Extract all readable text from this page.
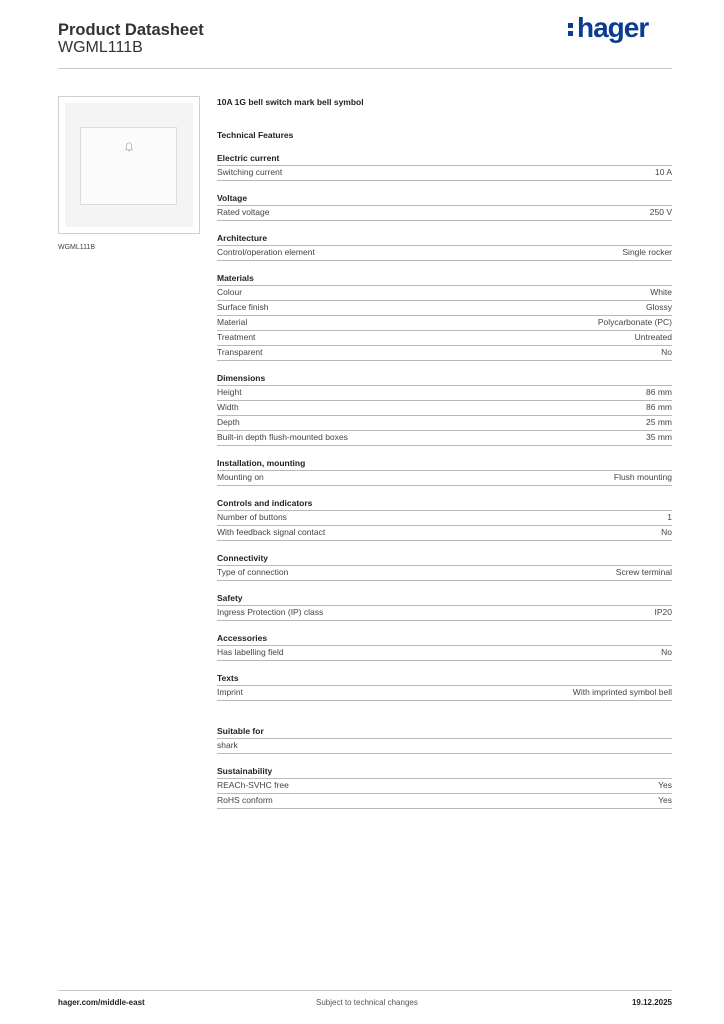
Product Datasheet
WGML111B
hager
WGML111B
10A 1G bell switch mark bell symbol
Technical Features
Electric current
Switching current	10 A
Voltage
Rated voltage	250 V
Architecture
Control/operation element	Single rocker
Materials
Colour	White
Surface finish	Glossy
Material	Polycarbonate (PC)
Treatment	Untreated
Transparent	No
Dimensions
Height	86 mm
Width	86 mm
Depth	25 mm
Built-in depth flush-mounted boxes	35 mm
Installation, mounting
Mounting on	Flush mounting
Controls and indicators
Number of buttons	1
With feedback signal contact	No
Connectivity
Type of connection	Screw terminal
Safety
Ingress Protection (IP) class	IP20
Accessories
Has labelling field	No
Texts
Imprint	With imprinted symbol bell
Suitable for
shark
Sustainability
REACh-SVHC free	Yes
RoHS conform	Yes
hager.com/middle-east	Subject to technical changes	19.12.2025
